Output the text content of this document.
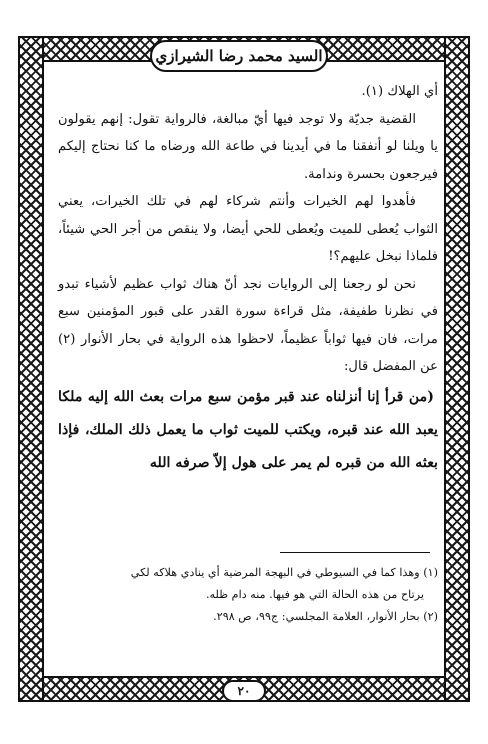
السيد محمد رضا الشيرازي

أي الهلاك (١).

القضية جديّة ولا توجد فيها أيّ مبالغة، فالرواية تقول: إنهم يقولون يا ويلنا لو أنفقنا ما في أيدينا في طاعة الله ورضاه ما كنا نحتاج إليكم فيرجعون بحسرة وندامة.

فأهدوا لهم الخيرات وأنتم شركاء لهم في تلك الخيرات، يعني الثواب يُعطى للميت ويُعطى للحي أيضا، ولا ينقص من أجر الحي شيئاً، فلماذا نبخل عليهم؟!

نحن لو رجعنا إلى الروايات نجد أنّ هناك ثواب عظيم لأشياء تبدو في نظرنا طفيفة، مثل قراءة سورة القدر على قبور المؤمنين سبع مرات، فان فيها ثواباً عظيماً، لاحظوا هذه الرواية في بحار الأنوار (٢) عن المفضل قال:

(من قرأ إنا أنزلناه عند قبر مؤمن سبع مرات بعث الله إليه ملكا يعبد الله عند قبره، ويكتب للميت ثواب ما يعمل ذلك الملك، فإذا بعثه الله من قبره لم يمر على هول إلاّ صرفه الله

(١) وهذا كما في السيوطي في البهجة المرضية أي ينادي هلاكه لكي

يرتاح من هذه الحالة التي هو فيها. منه دام ظله.

(٢) بحار الأنوار، العلامة المجلسي: ج٩٩، ص ٢٩٨.

٢٠
